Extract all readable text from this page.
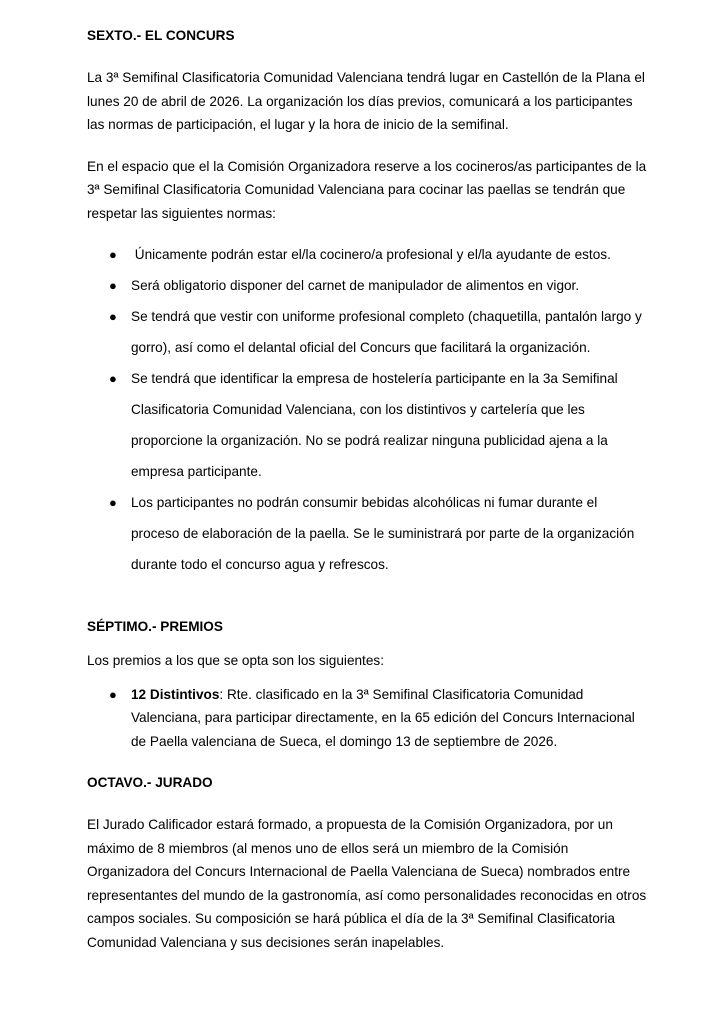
SEXTO.- EL CONCURS

La 3ª Semifinal Clasificatoria Comunidad Valenciana tendrá lugar en Castellón de la Plana el lunes 20 de abril de 2026. La organización los días previos, comunicará a los participantes las normas de participación, el lugar y la hora de inicio de la semifinal.

En el espacio que el la Comisión Organizadora reserve a los cocineros/as participantes de la 3ª Semifinal Clasificatoria Comunidad Valenciana para cocinar las paellas se tendrán que respetar las siguientes normas:

● Únicamente podrán estar el/la cocinero/a profesional y el/la ayudante de estos.
● Será obligatorio disponer del carnet de manipulador de alimentos en vigor.
● Se tendrá que vestir con uniforme profesional completo (chaquetilla, pantalón largo y gorro), así como el delantal oficial del Concurs que facilitará la organización.
● Se tendrá que identificar la empresa de hostelería participante en la 3a Semifinal Clasificatoria Comunidad Valenciana, con los distintivos y cartelería que les proporcione la organización. No se podrá realizar ninguna publicidad ajena a la empresa participante.
● Los participantes no podrán consumir bebidas alcohólicas ni fumar durante el proceso de elaboración de la paella. Se le suministrará por parte de la organización durante todo el concurso agua y refrescos.

SÉPTIMO.- PREMIOS

Los premios a los que se opta son los siguientes:

● 12 Distintivos: Rte. clasificado en la 3ª Semifinal Clasificatoria Comunidad Valenciana, para participar directamente, en la 65 edición del Concurs Internacional de Paella valenciana de Sueca, el domingo 13 de septiembre de 2026.

OCTAVO.- JURADO

El Jurado Calificador estará formado, a propuesta de la Comisión Organizadora, por un máximo de 8 miembros (al menos uno de ellos será un miembro de la Comisión Organizadora del Concurs Internacional de Paella Valenciana de Sueca) nombrados entre representantes del mundo de la gastronomía, así como personalidades reconocidas en otros campos sociales. Su composición se hará pública el día de la 3ª Semifinal Clasificatoria Comunidad Valenciana y sus decisiones serán inapelables.
